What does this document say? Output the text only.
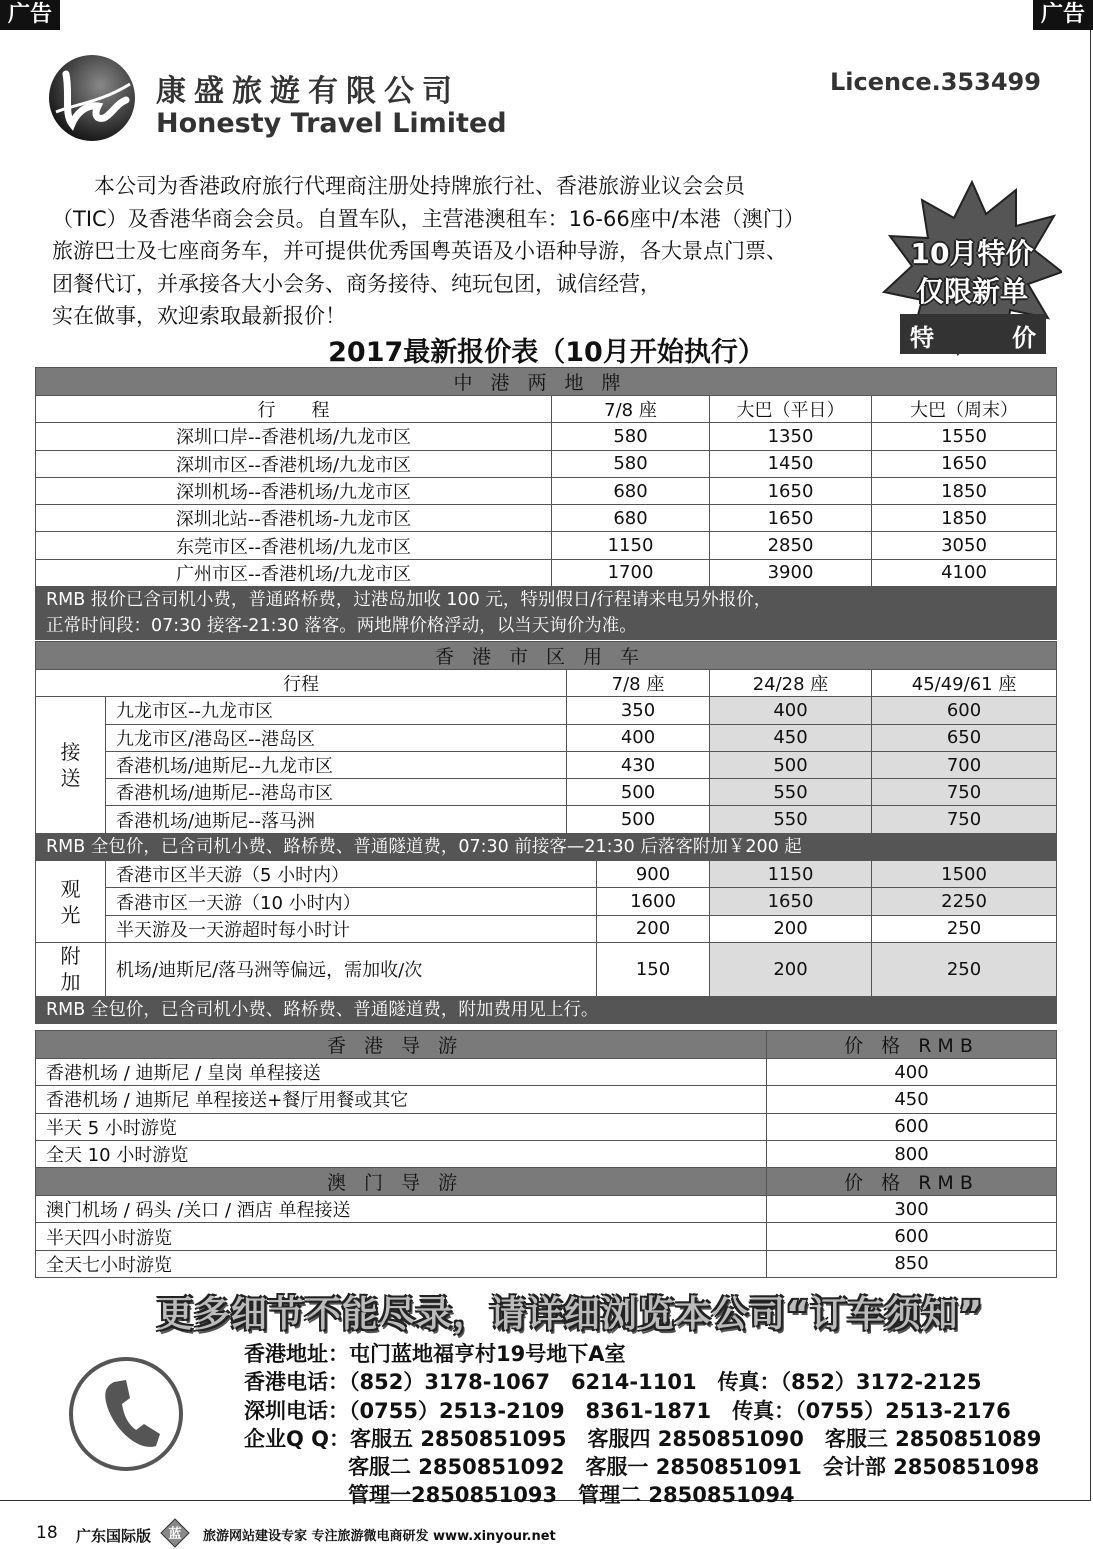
广告	广告
康盛旅遊有限公司
Honesty Travel Limited
Licence.353499

　　本公司为香港政府旅行代理商注册处持牌旅行社、香港旅游业议会会员

（TIC）及香港华商会会员。自置车队，主营港澳租车：16-66座中/本港（澳门）

旅游巴士及七座商务车，并可提供优秀国粤英语及小语种导游，各大景点门票、

团餐代订，并承接各大小会务、商务接待、纯玩包团，诚信经营，

实在做事，欢迎索取最新报价！

10月特价
仅限新单
特	价
2017最新报价表（10月开始执行）
中港两地牌			
行　　程	7/8 座	大巴（平日）	大巴（周末）
深圳口岸--香港机场/九龙市区	580	1350	1550
深圳市区--香港机场/九龙市区	580	1450	1650
深圳机场--香港机场/九龙市区	680	1650	1850
深圳北站--香港机场-九龙市区	680	1650	1850
东莞市区--香港机场/九龙市区	1150	2850	3050
广州市区--香港机场/九龙市区	1700	3900	4100

RMB 报价已含司机小费，普通路桥费，过港岛加收 100 元，特别假日/行程请来电另外报价，
正常时间段：07:30 接客-21:30 落客。两地牌价格浮动，以当天询价为准。			
香港市区用车					
行程		7/8 座		24/28 座	45/49/61 座

接
送	九龙市区--九龙市区	350		400	600
	九龙市区/港岛区--港岛区	400		450	650
	香港机场/迪斯尼--九龙市区	430		500	700
	香港机场/迪斯尼--港岛市区	500		550	750
	香港机场/迪斯尼--落马洲	500		550	750
RMB 全包价，已含司机小费、路桥费、普通隧道费，07:30 前接客—21:30 后落客附加￥200 起					

观
光	香港市区半天游（5 小时内）		900	1150	1500
	香港市区一天游（10 小时内）		1600	1650	2250
	半天游及一天游超时每小时计		200	200	250

附
加	机场/迪斯尼/落马洲等偏远，需加收/次		150	200	250
RMB 全包价，已含司机小费、路桥费、普通隧道费，附加费用见上行。					
香港导游	价 格 RMB
香港机场 / 迪斯尼 / 皇岗 单程接送	400
香港机场 / 迪斯尼 单程接送+餐厅用餐或其它	450
半天 5 小时游览	600
全天 10 小时游览	800
澳门导游	价 格 RMB
澳门机场 / 码头 /关口 / 酒店 单程接送	300
半天四小时游览	600
全天七小时游览	850
更多细节不能尽录，请详细浏览本公司“订车须知”
香港地址：屯门蓝地福亨村19号地下A室
香港电话：（852）3178-1067　6214-1101　传真：（852）3172-2125
深圳电话：（0755）2513-2109　8361-1871　传真：（0755）2513-2176
企业Q Q：客服五 2850851095　客服四 2850851090　客服三 2850851089
客服二 2850851092　客服一 2850851091　会计部 2850851098
管理一2850851093　管理二 2850851094
18 广东国际版 蓝 旅游网站建设专家 专注旅游微电商研发 www.xinyour.net
